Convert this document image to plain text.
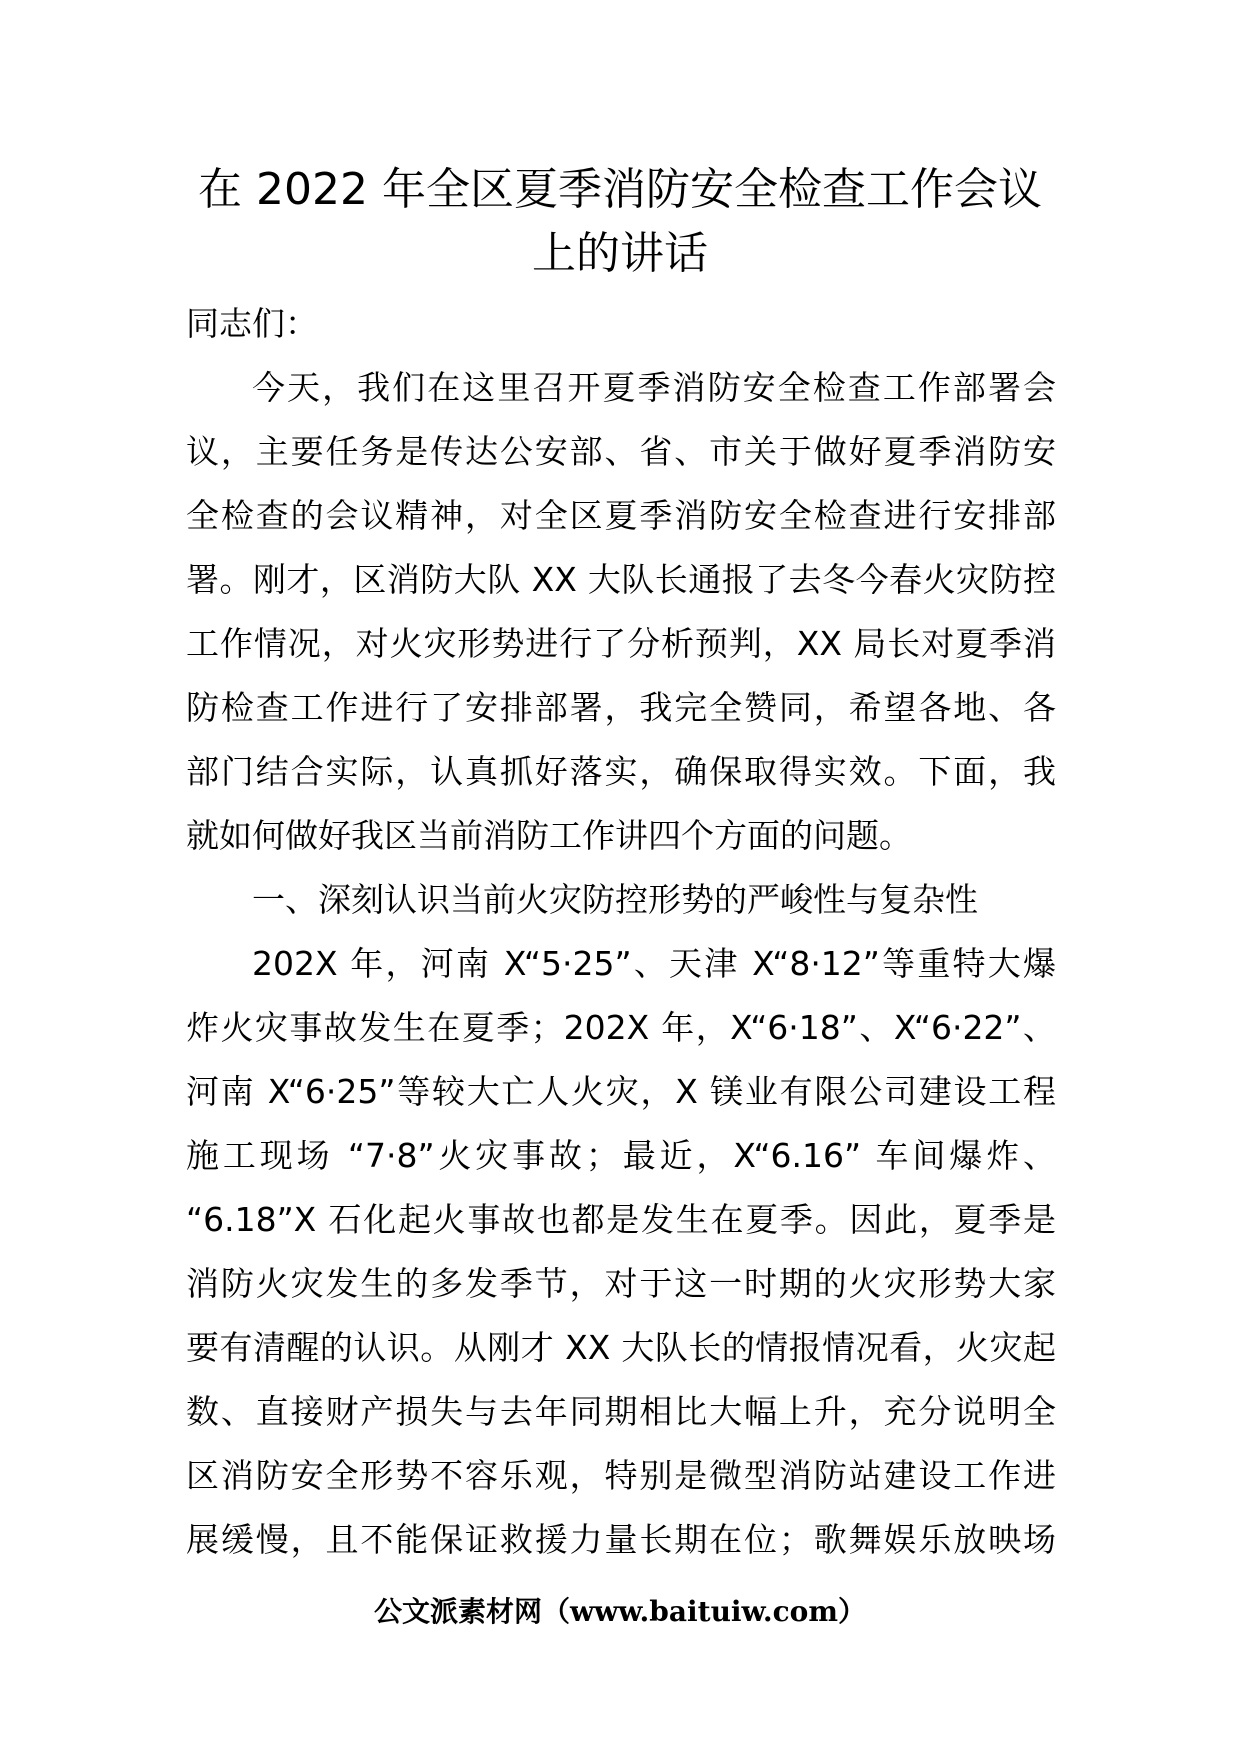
在 2022 年全区夏季消防安全检查工作会议
上的讲话
同志们：
今天，我们在这里召开夏季消防安全检查工作部署会
议，主要任务是传达公安部、省、市关于做好夏季消防安
全检查的会议精神，对全区夏季消防安全检查进行安排部
署。刚才，区消防大队 XX 大队长通报了去冬今春火灾防控
工作情况，对火灾形势进行了分析预判，XX 局长对夏季消
防检查工作进行了安排部署，我完全赞同，希望各地、各
部门结合实际，认真抓好落实，确保取得实效。下面，我
就如何做好我区当前消防工作讲四个方面的问题。
一、深刻认识当前火灾防控形势的严峻性与复杂性
202X 年，河南 X“5·25”、天津 X“8·12”等重特大爆
炸火灾事故发生在夏季；202X 年，X“6·18”、X“6·22”、
河南 X“6·25”等较大亡人火灾，X 镁业有限公司建设工程
施工现场 “7·8”火灾事故；最近，X“6.16” 车间爆炸、
“6.18”X 石化起火事故也都是发生在夏季。因此，夏季是
消防火灾发生的多发季节，对于这一时期的火灾形势大家
要有清醒的认识。从刚才 XX 大队长的情报情况看，火灾起
数、直接财产损失与去年同期相比大幅上升，充分说明全
区消防安全形势不容乐观，特别是微型消防站建设工作进
展缓慢，且不能保证救援力量长期在位；歌舞娱乐放映场
公文派素材网（www.baituiw.com）
